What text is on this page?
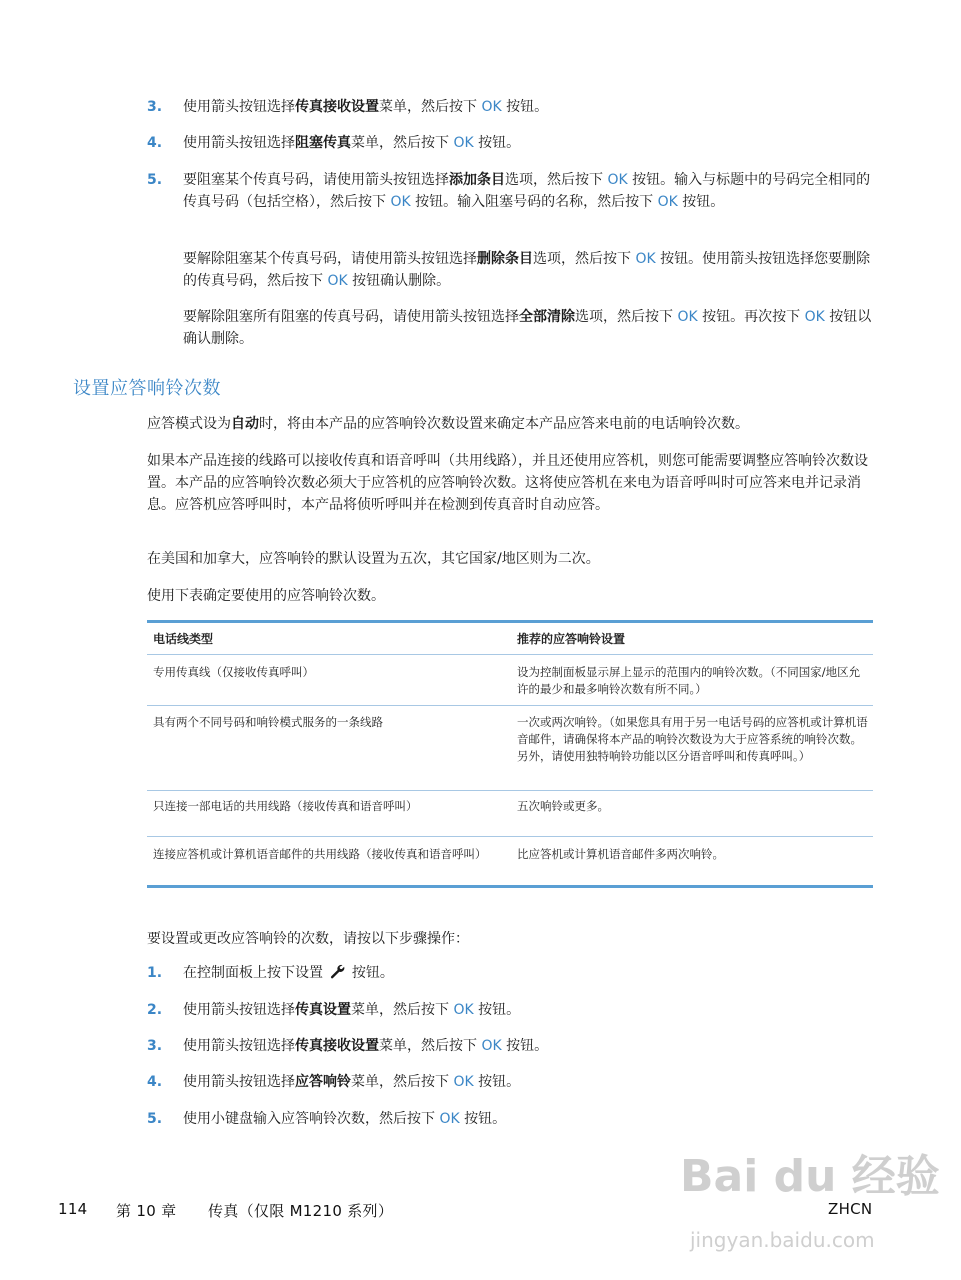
3.	使用箭头按钮选择传真接收设置菜单，然后按下 OK 按钮。
4.	使用箭头按钮选择阻塞传真菜单，然后按下 OK 按钮。
5.	要阻塞某个传真号码，请使用箭头按钮选择添加条目选项，然后按下 OK 按钮。输入与标题中的号码完全相同的传真号码（包括空格），然后按下 OK 按钮。输入阻塞号码的名称，然后按下 OK 按钮。
要解除阻塞某个传真号码，请使用箭头按钮选择删除条目选项，然后按下 OK 按钮。使用箭头按钮选择您要删除的传真号码，然后按下 OK 按钮确认删除。
要解除阻塞所有阻塞的传真号码，请使用箭头按钮选择全部清除选项，然后按下 OK 按钮。再次按下 OK 按钮以确认删除。
设置应答响铃次数
应答模式设为自动时，将由本产品的应答响铃次数设置来确定本产品应答来电前的电话响铃次数。
如果本产品连接的线路可以接收传真和语音呼叫（共用线路），并且还使用应答机，则您可能需要调整应答响铃次数设置。本产品的应答响铃次数必须大于应答机的应答响铃次数。这将使应答机在来电为语音呼叫时可应答来电并记录消息。应答机应答呼叫时，本产品将侦听呼叫并在检测到传真音时自动应答。
在美国和加拿大，应答响铃的默认设置为五次，其它国家/地区则为二次。
使用下表确定要使用的应答响铃次数。
电话线类型	推荐的应答响铃设置
专用传真线（仅接收传真呼叫）	设为控制面板显示屏上显示的范围内的响铃次数。（不同国家/地区允许的最少和最多响铃次数有所不同。）
具有两个不同号码和响铃模式服务的一条线路	一次或两次响铃。（如果您具有用于另一电话号码的应答机或计算机语音邮件，请确保将本产品的响铃次数设为大于应答系统的响铃次数。另外，请使用独特响铃功能以区分语音呼叫和传真呼叫。）
只连接一部电话的共用线路（接收传真和语音呼叫）	五次响铃或更多。
连接应答机或计算机语音邮件的共用线路（接收传真和语音呼叫）	比应答机或计算机语音邮件多两次响铃。
要设置或更改应答响铃的次数，请按以下步骤操作：
1.	在控制面板上按下设置 按钮。
2.	使用箭头按钮选择传真设置菜单，然后按下 OK 按钮。
3.	使用箭头按钮选择传真接收设置菜单，然后按下 OK 按钮。
4.	使用箭头按钮选择应答响铃菜单，然后按下 OK 按钮。
5.	使用小键盘输入应答响铃次数，然后按下 OK 按钮。
114 第 10 章 传真（仅限 M1210 系列）	ZHCN
Bai du 经验
jingyan.baidu.com
